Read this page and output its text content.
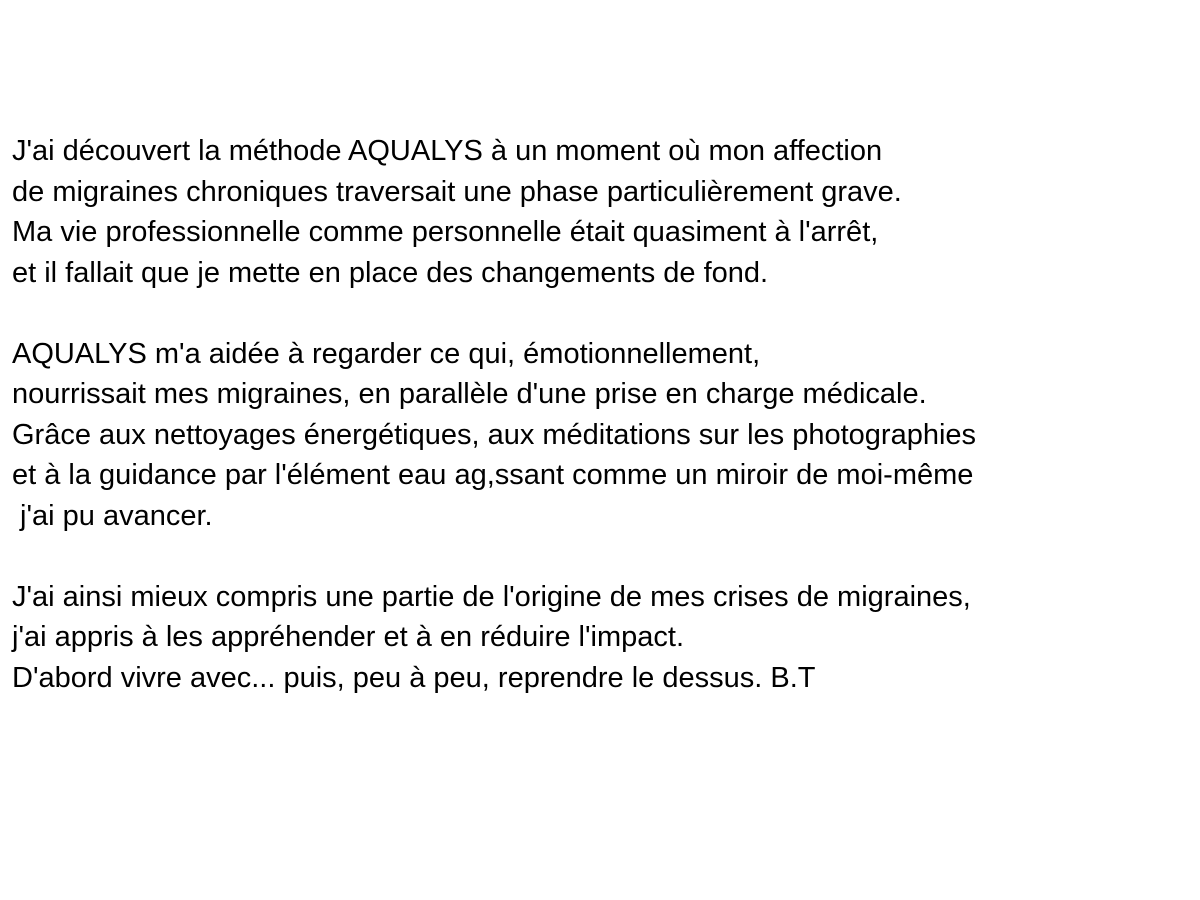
J'ai découvert la méthode AQUALYS à un moment où mon affection
de migraines chroniques traversait une phase particulièrement grave.
Ma vie professionnelle comme personnelle était quasiment à l'arrêt,
et il fallait que je mette en place des changements de fond.
AQUALYS m'a aidée à regarder ce qui, émotionnellement,
nourrissait mes migraines, en parallèle d'une prise en charge médicale.
Grâce aux nettoyages énergétiques, aux méditations sur les photographies
et à la guidance par l'élément eau ag,ssant comme un miroir de moi-même
j'ai pu avancer.
J'ai ainsi mieux compris une partie de l'origine de mes crises de migraines,
j'ai appris à les appréhender et à en réduire l'impact.
D'abord vivre avec... puis, peu à peu, reprendre le dessus. B.T
